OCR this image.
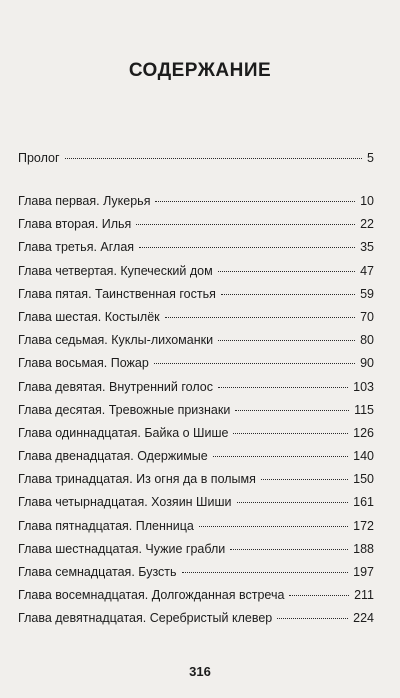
СОДЕРЖАНИЕ
Пролог	5
Глава первая. Лукерья	10
Глава вторая. Илья	22
Глава третья. Аглая	35
Глава четвертая. Купеческий дом	47
Глава пятая. Таинственная гостья	59
Глава шестая. Костылёк	70
Глава седьмая. Куклы-лихоманки	80
Глава восьмая. Пожар	90
Глава девятая. Внутренний голос	103
Глава десятая. Тревожные признаки	115
Глава одиннадцатая. Байка о Шише	126
Глава двенадцатая. Одержимые	140
Глава тринадцатая. Из огня да в полымя	150
Глава четырнадцатая. Хозяин Шиши	161
Глава пятнадцатая. Пленница	172
Глава шестнадцатая. Чужие грабли	188
Глава семнадцатая. Бузсть	197
Глава восемнадцатая. Долгожданная встреча	211
Глава девятнадцатая. Серебристый клевер	224
316
